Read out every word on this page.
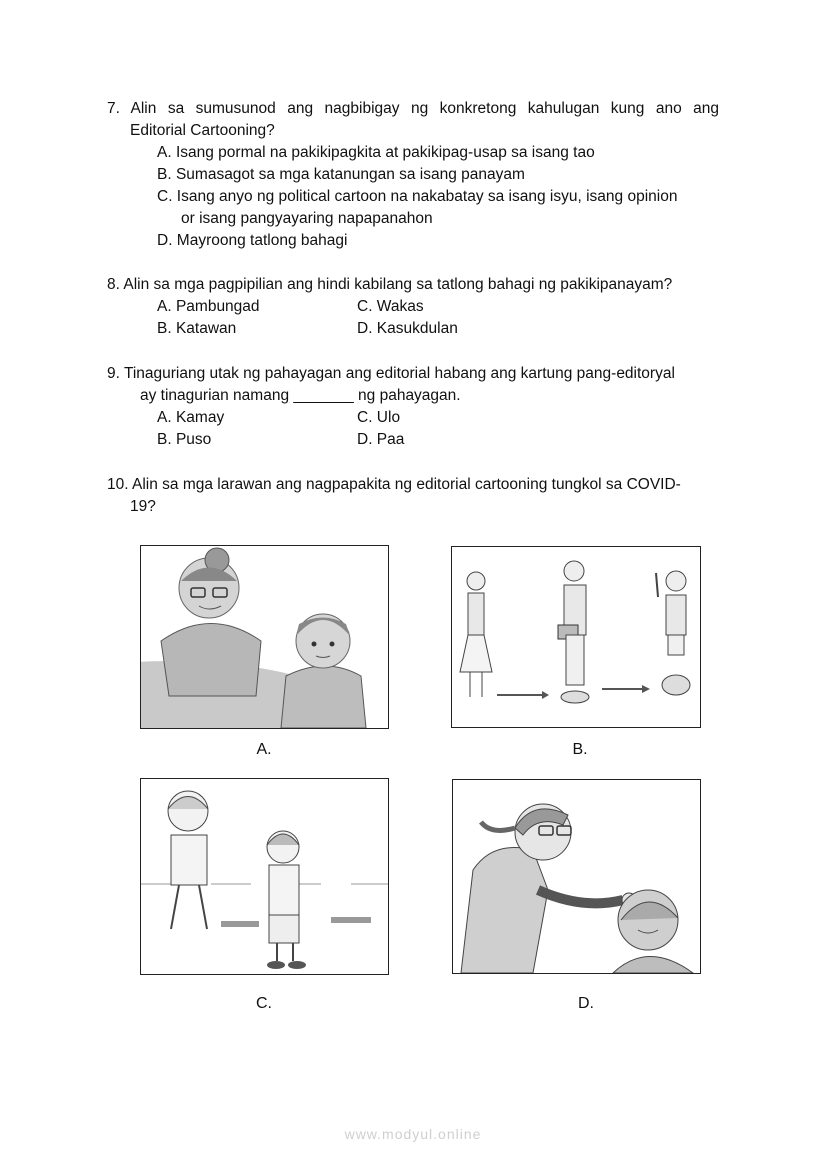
7. Alin sa sumusunod ang nagbibigay ng konkretong kahulugan kung ano ang
Editorial Cartooning?
A. Isang pormal na pakikipagkita at pakikipag-usap sa isang tao
B. Sumasagot sa mga katanungan sa isang panayam
C. Isang anyo ng political cartoon na nakabatay sa isang isyu, isang opinion
or isang pangyayaring napapanahon
D. Mayroong tatlong bahagi
8. Alin sa mga pagpipilian ang hindi kabilang sa tatlong bahagi ng pakikipanayam?
A. Pambungad	C. Wakas
B. Katawan	D. Kasukdulan
9. Tinaguriang utak ng pahayagan ang editorial habang ang kartung pang-editoryal
ay tinagurian namang _______ ng pahayagan.
A. Kamay	C. Ulo
B. Puso	D. Paa
10. Alin sa mga larawan ang nagpapakita ng editorial cartooning tungkol sa COVID-
19?
A.	B.
C.	D.
www.modyul.online
